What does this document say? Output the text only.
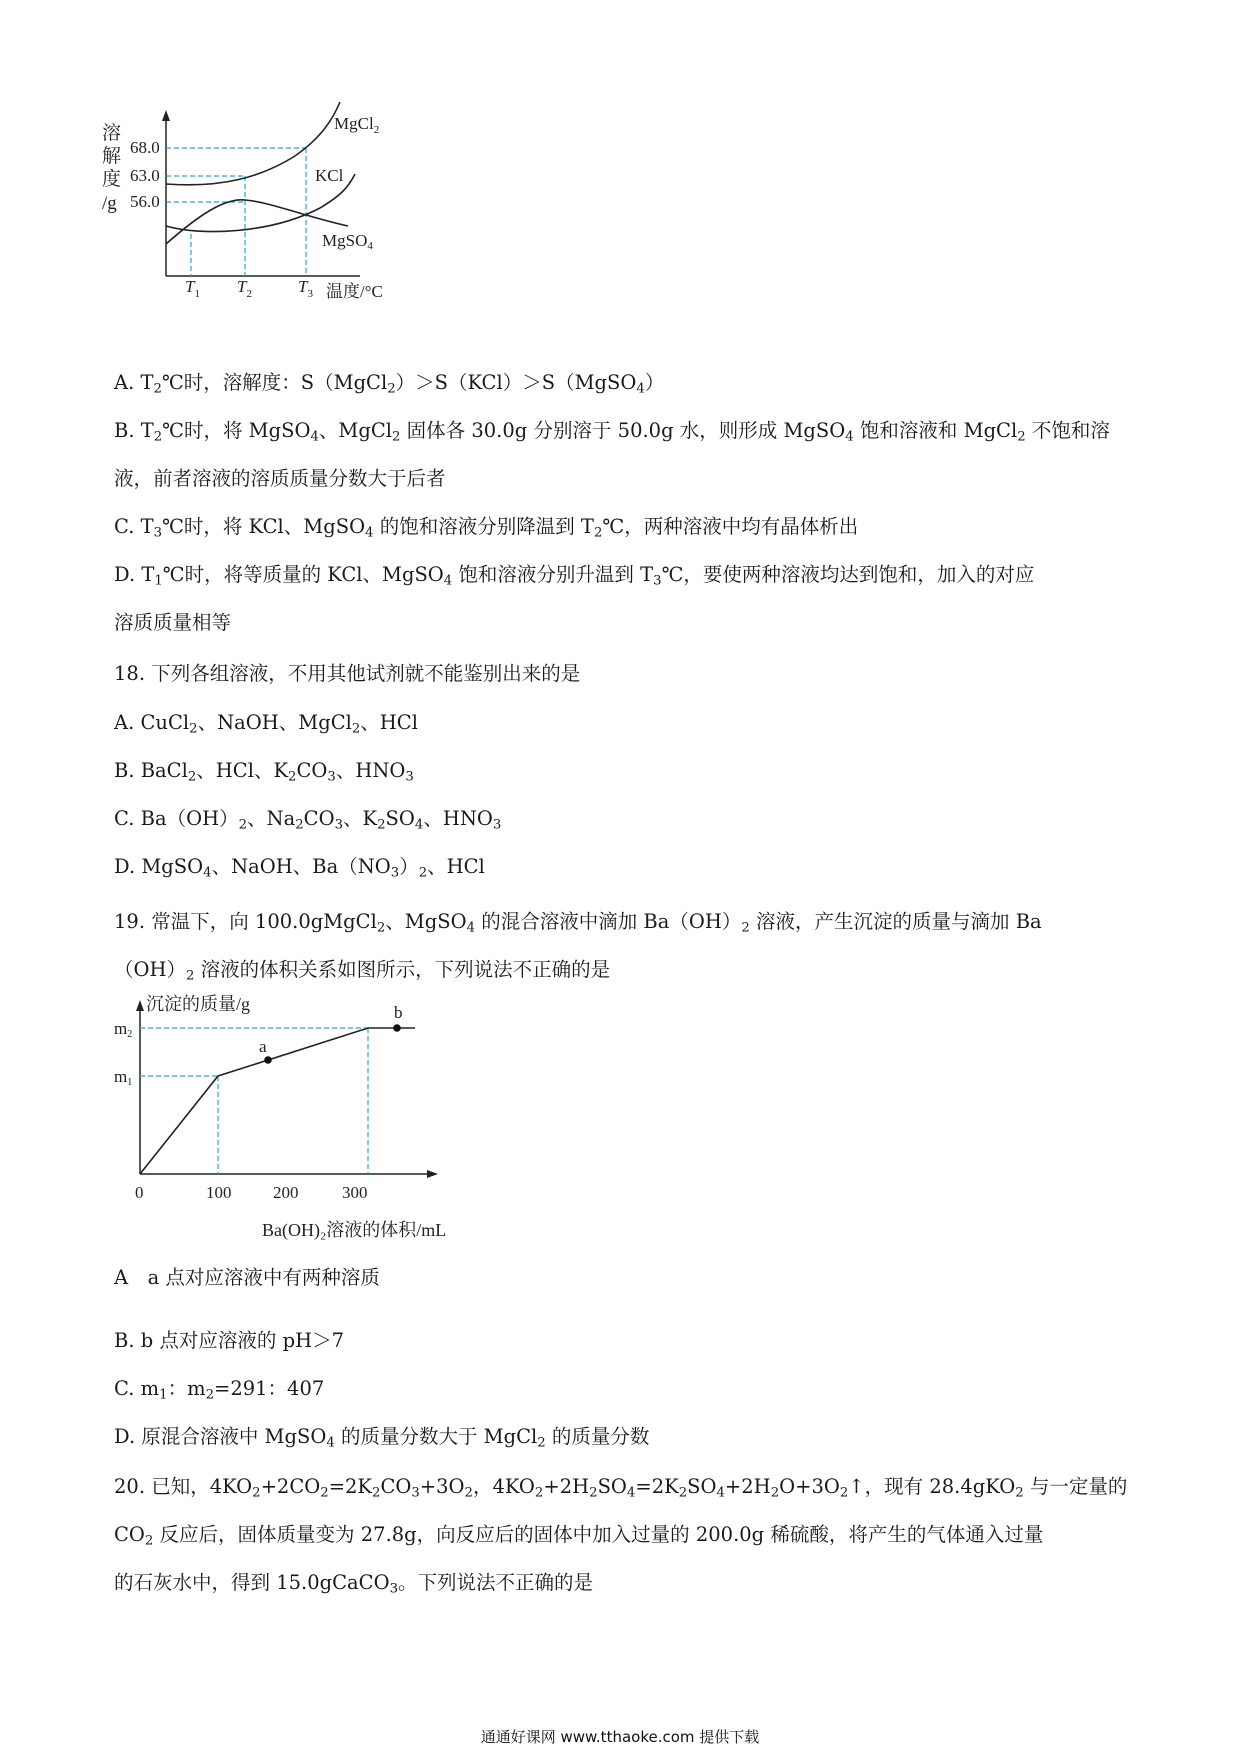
溶
解
度
/g
68.0
63.0
56.0
MgCl$_2$
KCl
MgSO4
$T_1$ $T_2$	$T_3$ 温度/°C
A. $T_2℃$时，溶解度：S（MgCl$_2$）＞S（KCl）＞S（MgSO$_4$）
B. $T_2℃$时，将 MgSO$_4$、MgCl$_2$ 固体各 30.0g 分别溶于 50.0g 水，则形成 MgSO$_4$ 饱和溶液和 MgCl$_2$ 不饱和溶
液，前者溶液的溶质质量分数大于后者
C. $T_3℃$时，将 KCl、MgSO$_4$ 的饱和溶液分别降温到 $T_2℃$，两种溶液中均有晶体析出
D. $T_1℃$时，将等质量的 KCl、MgSO$_4$ 饱和溶液分别升温到 $T_3℃$，要使两种溶液均达到饱和，加入的对应
溶质质量相等
18. 下列各组溶液，不用其他试剂就不能鉴别出来的是
A. CuCl$_2$、NaOH、MgCl$_2$、HCl
B. BaCl$_2$、HCl、$K_2CO_3$、$HNO_3$
C. $Ba(OH)_2$、$Na_2CO_3$、$K_2SO_4$、$HNO_3$
D. MgSO$_4$、NaOH、$Ba(NO_3)_2$、HCl
19. 常温下，向 100.0gMgCl$_2$、MgSO$_4$ 的混合溶液中滴加 $Ba(OH)_2$ 溶液，产生沉淀的质量与滴加 Ba
$(OH)_2$ 溶液的体积关系如图所示，下列说法不正确的是
沉淀的质量/g
m2
m1
a
b
0	100 200	300
Ba(OH)₂溶液的体积/mL
A　a 点对应溶液中有两种溶质
B. b 点对应溶液的 pH＞7
C. $m_1$：$m_2=291$：407
D. 原混合溶液中 MgSO$_4$ 的质量分数大于 MgCl$_2$ 的质量分数
20. 已知，$4KO_2+2CO_2=2K_2CO_3+3O_2$，$4KO_2+2H_2SO_4=2K_2SO_4+2H_2O+3O_2↑$，现有 28.4gKO$_2$ 与一定量的
$CO_2$ 反应后，固体质量变为 27.8g，向反应后的固体中加入过量的 200.0g 稀硫酸，将产生的气体通入过量
的石灰水中，得到 15.0gCaCO$_3$。下列说法不正确的是
通通好课网 www.tthaoke.com 提供下载
